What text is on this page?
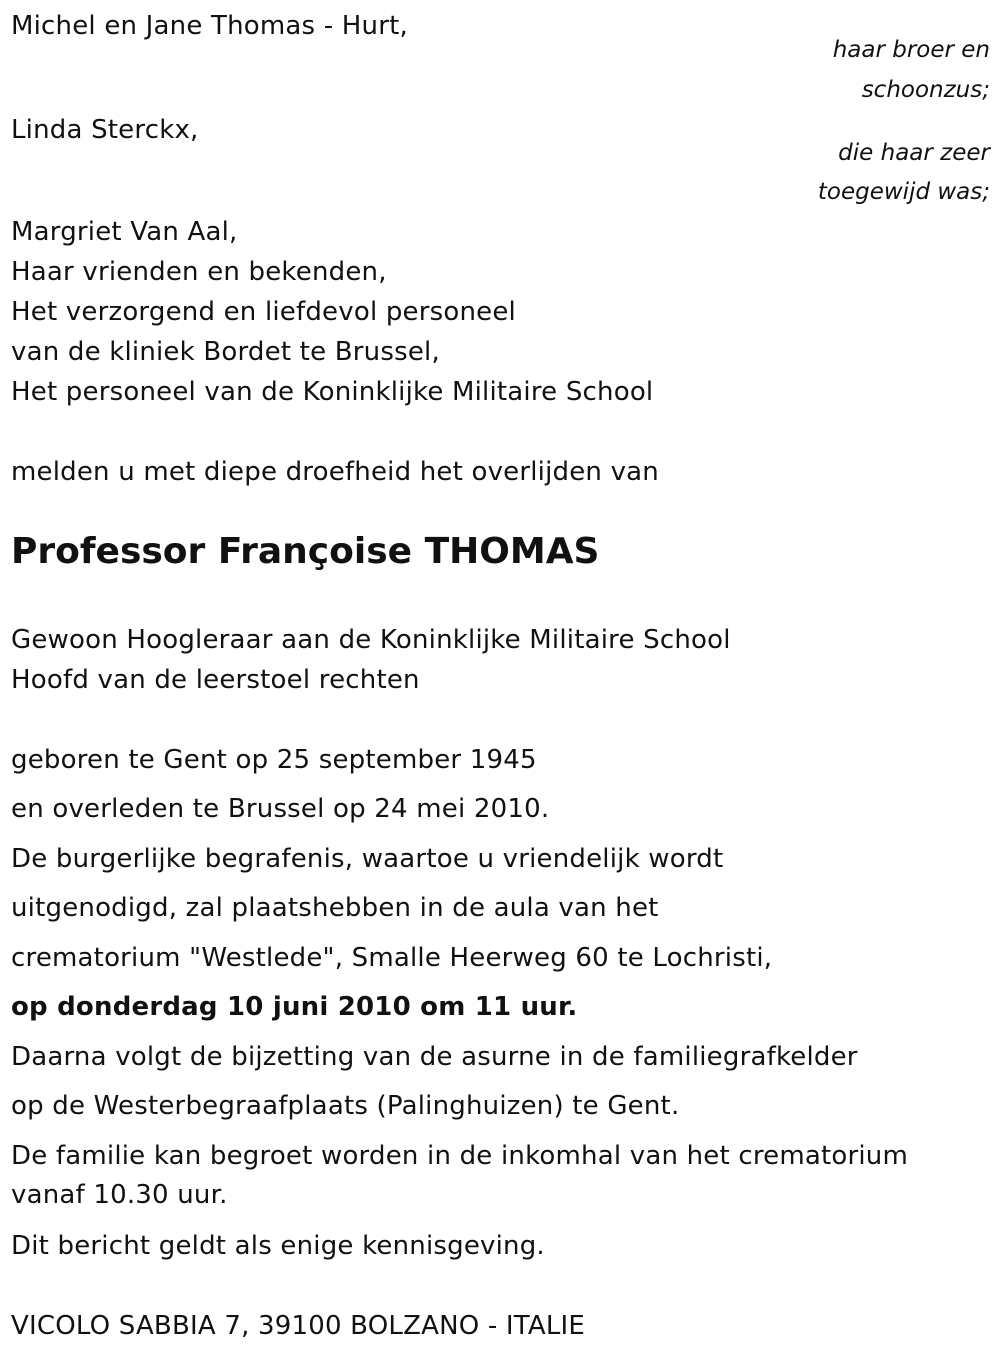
Michel en Jane Thomas - Hurt,
haar broer en
schoonzus;
Linda Sterckx,
die haar zeer
toegewijd was;
Margriet Van Aal,
Haar vrienden en bekenden,
Het verzorgend en liefdevol personeel
van de kliniek Bordet te Brussel,
Het personeel van de Koninklijke Militaire School
melden u met diepe droefheid het overlijden van
Professor Françoise THOMAS
Gewoon Hoogleraar aan de Koninklijke Militaire School
Hoofd van de leerstoel rechten
geboren te Gent op 25 september 1945
en overleden te Brussel op 24 mei 2010.
De burgerlijke begrafenis, waartoe u vriendelijk wordt
uitgenodigd, zal plaatshebben in de aula van het
crematorium "Westlede", Smalle Heerweg 60 te Lochristi,
op donderdag 10 juni 2010 om 11 uur.
Daarna volgt de bijzetting van de asurne in de familiegrafkelder
op de Westerbegraafplaats (Palinghuizen) te Gent.
De familie kan begroet worden in de inkomhal van het crematorium
vanaf 10.30 uur.
Dit bericht geldt als enige kennisgeving.
VICOLO SABBIA 7, 39100 BOLZANO - ITALIE
